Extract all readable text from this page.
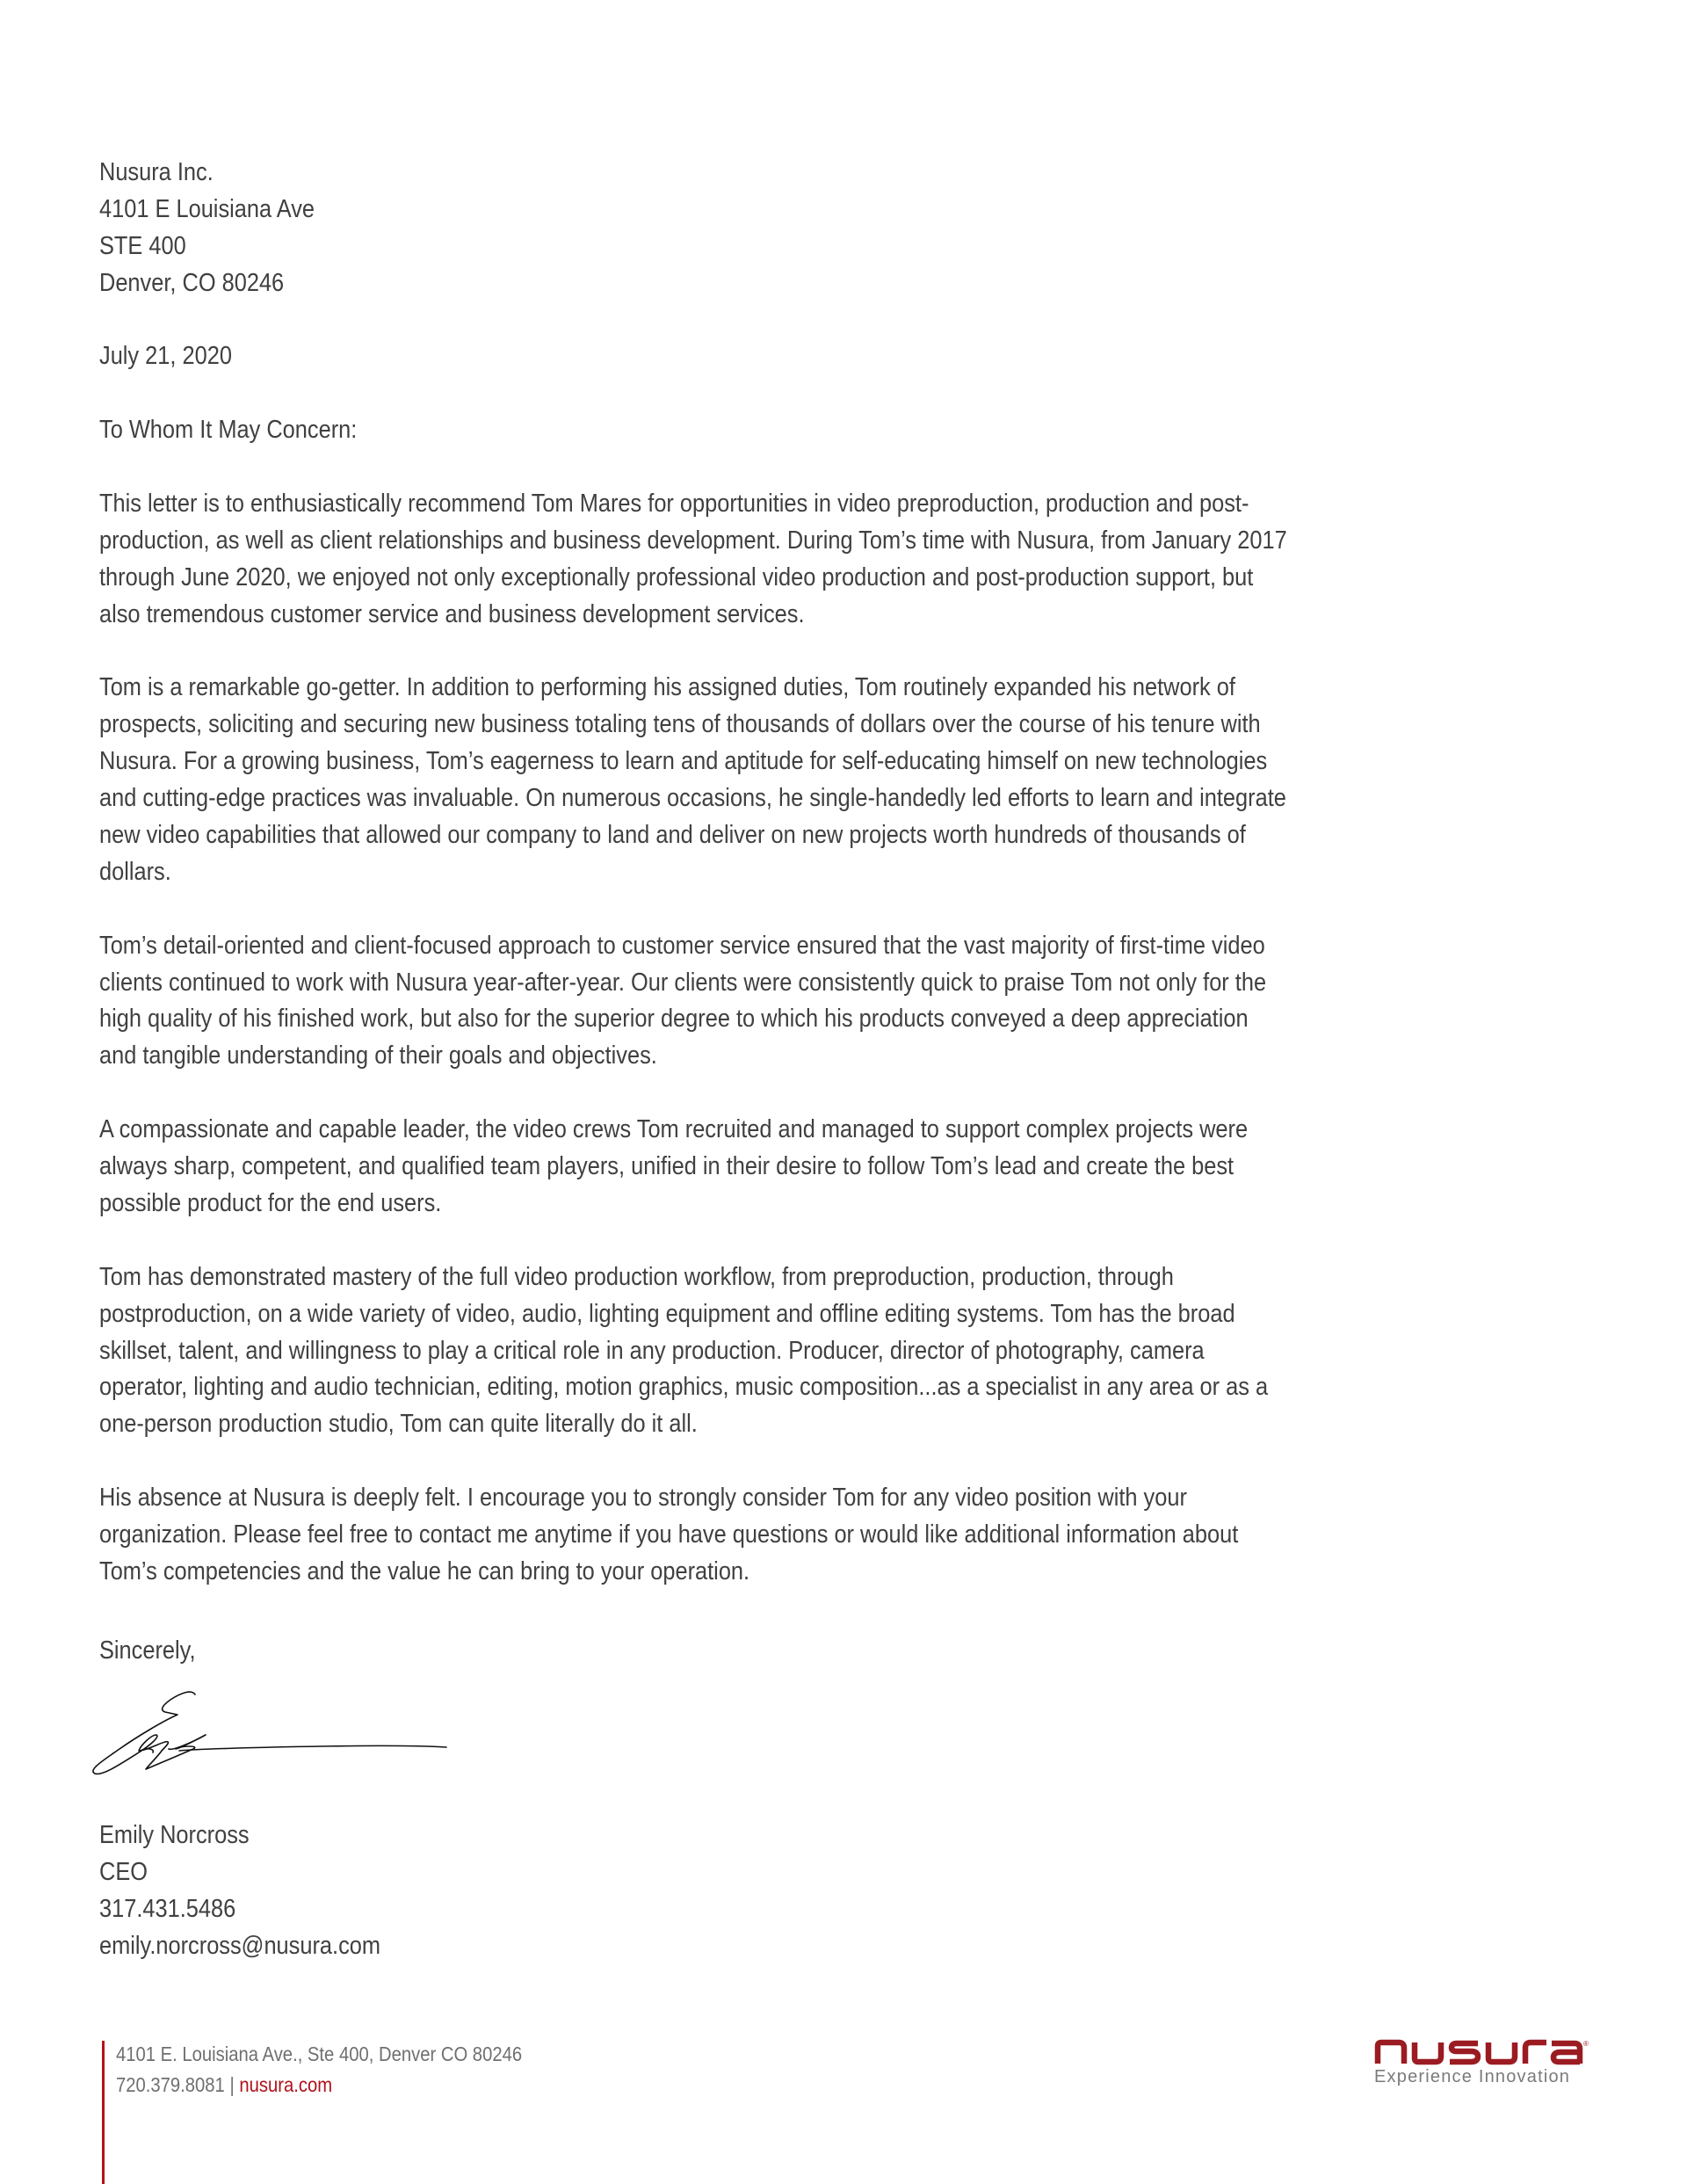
Nusura Inc.
4101 E Louisiana Ave
STE 400
Denver, CO 80246
July 21, 2020
To Whom It May Concern:
This letter is to enthusiastically recommend Tom Mares for opportunities in video preproduction, production and post-
production, as well as client relationships and business development. During Tom’s time with Nusura, from January 2017
through June 2020, we enjoyed not only exceptionally professional video production and post-production support, but
also tremendous customer service and business development services.
Tom is a remarkable go-getter. In addition to performing his assigned duties, Tom routinely expanded his network of
prospects, soliciting and securing new business totaling tens of thousands of dollars over the course of his tenure with
Nusura. For a growing business, Tom’s eagerness to learn and aptitude for self-educating himself on new technologies
and cutting-edge practices was invaluable. On numerous occasions, he single-handedly led efforts to learn and integrate
new video capabilities that allowed our company to land and deliver on new projects worth hundreds of thousands of
dollars.
Tom’s detail-oriented and client-focused approach to customer service ensured that the vast majority of first-time video
clients continued to work with Nusura year-after-year. Our clients were consistently quick to praise Tom not only for the
high quality of his finished work, but also for the superior degree to which his products conveyed a deep appreciation
and tangible understanding of their goals and objectives.
A compassionate and capable leader, the video crews Tom recruited and managed to support complex projects were
always sharp, competent, and qualified team players, unified in their desire to follow Tom’s lead and create the best
possible product for the end users.
Tom has demonstrated mastery of the full video production workflow, from preproduction, production, through
postproduction, on a wide variety of video, audio, lighting equipment and offline editing systems. Tom has the broad
skillset, talent, and willingness to play a critical role in any production. Producer, director of photography, camera
operator, lighting and audio technician, editing, motion graphics, music composition...as a specialist in any area or as a
one-person production studio, Tom can quite literally do it all.
His absence at Nusura is deeply felt. I encourage you to strongly consider Tom for any video position with your
organization. Please feel free to contact me anytime if you have questions or would like additional information about
Tom’s competencies and the value he can bring to your operation.
Sincerely,
Emily Norcross
CEO
317.431.5486
emily.norcross@nusura.com
4101 E. Louisiana Ave., Ste 400, Denver CO 80246
720.379.8081 | nusura.com
®
Experience Innovation
